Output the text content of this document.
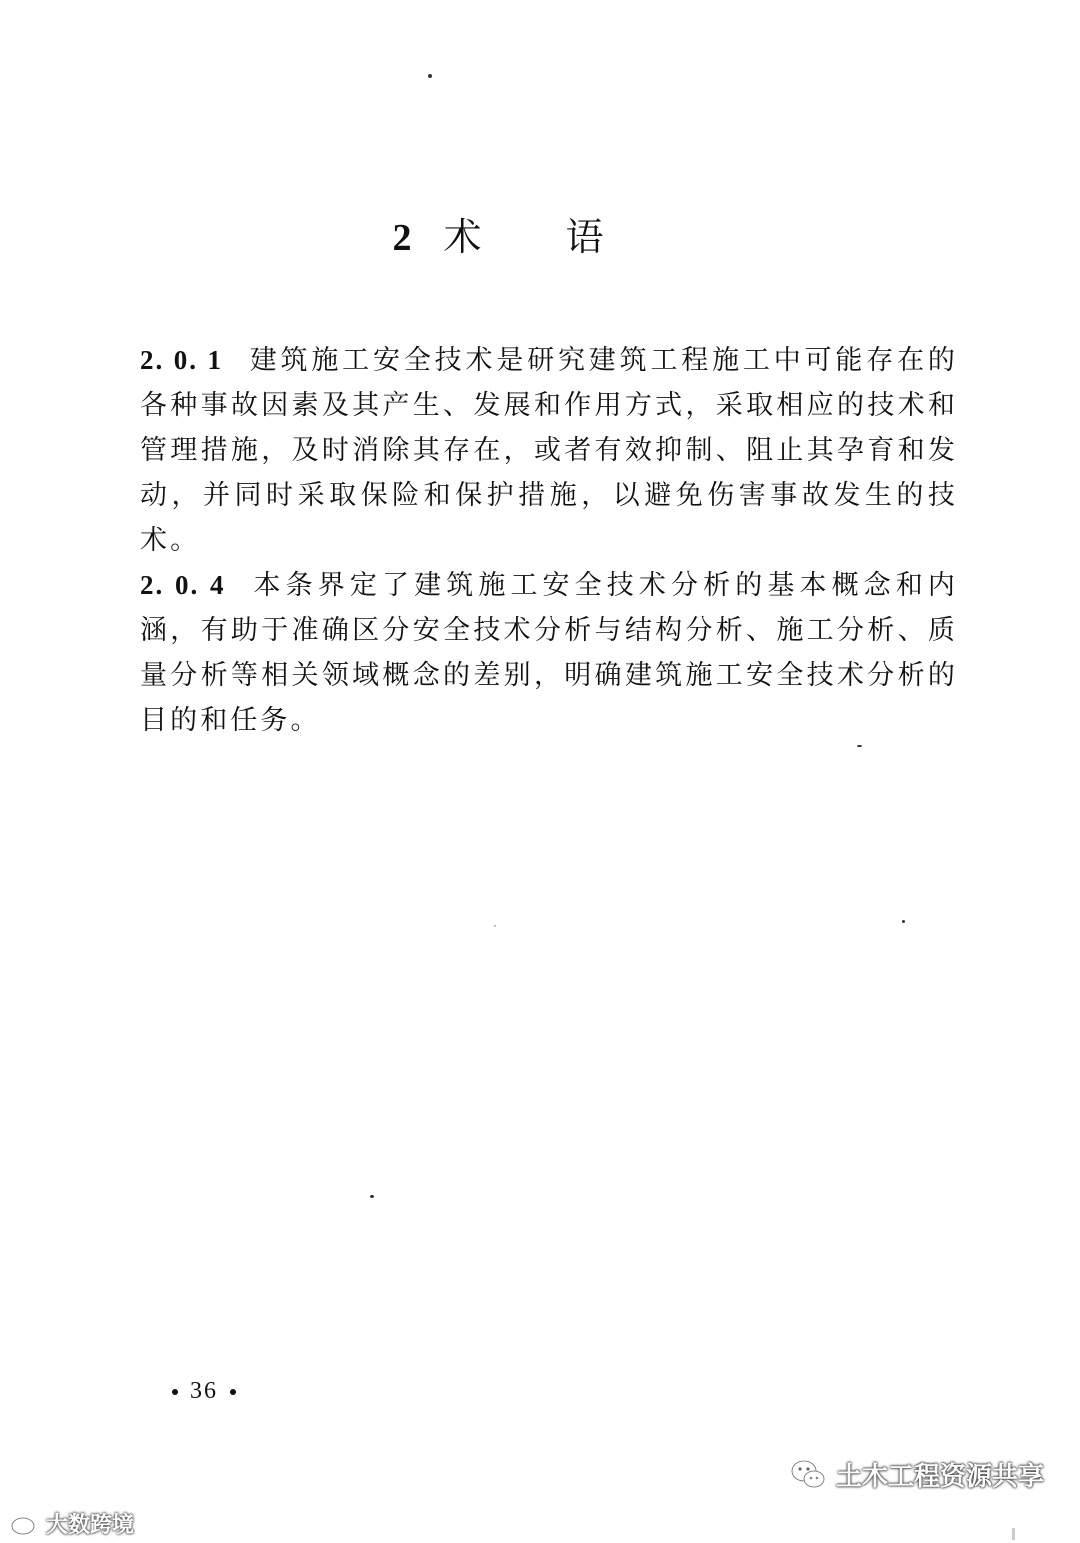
2 术语

2. 0. 1 建筑施工安全技术是研究建筑工程施工中可能存在的各种事故因素及其产生、发展和作用方式，采取相应的技术和管理措施，及时消除其存在，或者有效抑制、阻止其孕育和发动，并同时采取保险和保护措施，以避免伤害事故发生的技术。

2. 0. 4 本条界定了建筑施工安全技术分析的基本概念和内涵，有助于准确区分安全技术分析与结构分析、施工分析、质量分析等相关领域概念的差别，明确建筑施工安全技术分析的目的和任务。

36
大数跨境
土木工程资源共享
